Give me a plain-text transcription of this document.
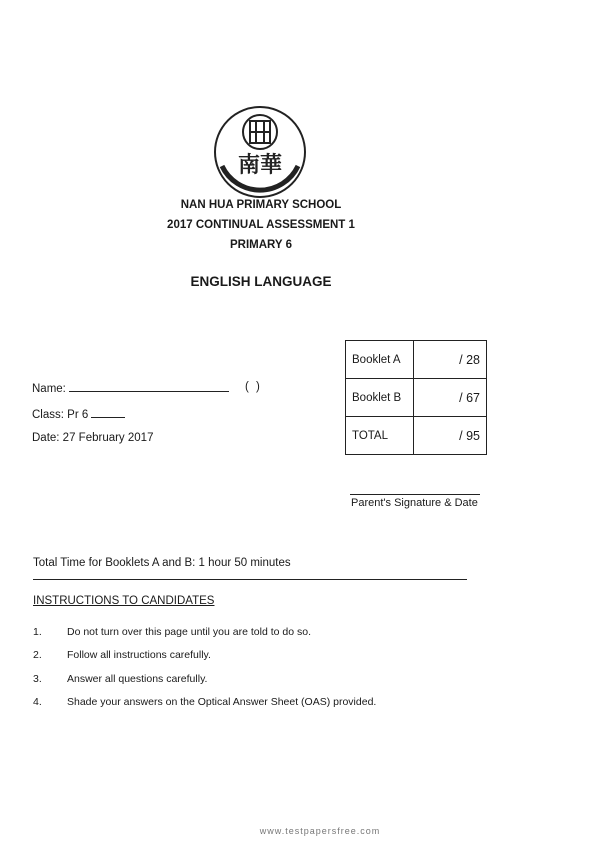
南華
NAN HUA PRIMARY SCHOOL
2017 CONTINUAL ASSESSMENT 1
PRIMARY 6
ENGLISH LANGUAGE
Name:	( )
Class: Pr 6
Date: 27 February 2017
Booklet A	/ 28
Booklet B	/ 67
TOTAL	/ 95
Parent's Signature & Date
Total Time for Booklets A and B: 1 hour 50 minutes
INSTRUCTIONS TO CANDIDATES
1. Do not turn over this page until you are told to do so.
2. Follow all instructions carefully.
3. Answer all questions carefully.
4. Shade your answers on the Optical Answer Sheet (OAS) provided.
www.testpapersfree.com
